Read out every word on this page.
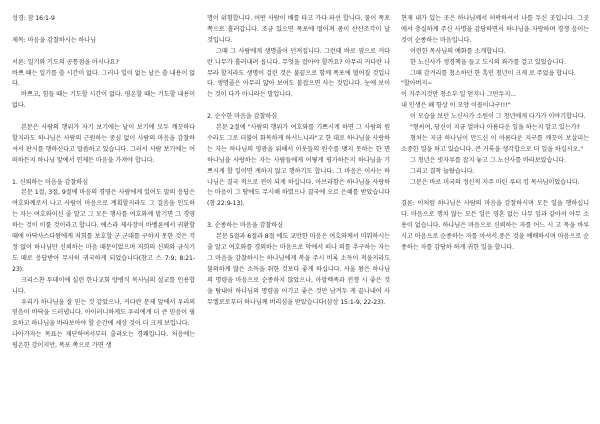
성경: 잠 16:1-9

제목: 마음을 감찰하시는 하나님

서론: 일기와 기도의 공통점을 아시나요?

바쁘 때는 일기를 쓸 시간이 없다. 그러나 일이 없는 날은 쓸 내용이 없다.

바쁘고, 힘들 때는 기도할 시간이 없다. 평온할 때는 기도할 내용이 없다.

본문은 사람의 행위가 자기 보기에는 날이 보기에 모두 깨끗하다 할지라도 하나님은 사람의 근원하는 중심 없이 사람의 마음을 감찰하셔서 판시를 행하신다고 말씀하고 있습니다. 그러서 사람 보기에는 어떠하든지 하나님 앞에서 언제든 마음을 가져야 합니다.

1. 신뢰하는 마음을 감찰하심

본문 1절, 3절, 9절에 마음의 경영은 사람에게 있어도 말의 응답은 여호와께로서 나고 사람이 마음으로 계획할지라도 그 걸음을 인도하는 자는 여호와이신 줄 알고 그 모든 행사를 여호와께 맡기면 그 경영하는 것이 이룰 것이라고 합니다. 에스라 제사장이 바벨론에서 귀환할 때에 아닥사스다왕에게 저희를 보호할 군 군대를 구하지 못한 것은 걱정 없이 하나님만 신뢰하는 마음 때문이었으며 저희의 신뢰와 금식기도 때로 응답받아 무사히 귀국하게 되었습니다(참고 스 7:9; 8:21-23).

크리스챤 투데이에 실린 한나교회 양병식 목사님의 설교를 인용합니다.

우리가 하나님을 잘 믿는 것 같았으나, 커다란 문제 앞에서 우리의 믿음이 바닥을 드러냅니다. 아이러니하게도 우리에게 더 큰 믿음이 필요하고 하나님을 바라보아야 할 순간에 세상 것이 더 크게 보입니다.

나아가자는 목표는 재단하여서부터 출리오는 경쾌입니다. 처음에는 평온한 강이지만, 폭포 쪽으로 가면 생

명이 위험합니다. 어떤 사람이 배를 타고 가다 파선 합니다. 물이 폭포 쪽으로 흘러갑니다. 조금 있으면 폭포에 떨어져 좀이 산산조각이 날 것입니다.

그때 그 사람에게 생명줄이 던져집니다. 그런데 바로 옆으로 커다란 나무가 흘러내려 옵니다. 무엇을 잡아야 할까요? 아무리 커다란 나무라 할지라도 생명이 걸린 것은 불끝으로 함께 폭포에 떨어질 것입니다. 생명줄은 아무리 얇아 보여도 붙잡으면 사는 것입니다. 눈에 보이는 것이 다가 아니라는 말입니다.

2. 순수한 마음을 감찰하심

본문 2절에 "사람의 행위가 여호와를 기쁘시게 하면 그 사람의 원수라도 그로 더불어 화목하게 하시느니라"고 한 대로 하나님을 사랑하는 자는 하나님의 영광을 위해서 이웃들의 원수를 맺지 못하는 한 면 하나님을 사랑하는 자는 사람들에게 어떻게 평가하든지 하나님을 기쁘시게 할 일이면 계하지 않고 행하기도 합니다. 그 마음은 이사는 하나님은 결국 적으로 전이 되게 하십니다. 아브라함은 하나님을 사랑하는 마음이 그 땅에도 무시해 하였으나 결국에 오르 은혜를 받았습니다(창 22:9-13).

3. 순종하는 마음을 감찰하심

본문 5절과 6절과 8절 에도 교만한 마음은 여호와께서 미워하시는 줄 알고 여호와를 경외하는 마음으로 악에서 떠나 의를 추구하는 자는 그 마음을 감찰하시는 하나님에게 복을 주시 비록 소득이 적을지라도 불의하게 많은 소득을 취한 것보다 좋게 하십니다. 사울 왕은 하나님의 명령을 마음으로 순종하지 않았으나, 아말렉족과 전쟁 시 좋은 것을 탐내어 하나님의 명령을 어기고 좋은 것만 남겨두 게 끝나내어 사무엘로로부터 하나님께 버리심을 받았습니다(삼상 15:1-9, 22-23).

현재 내가 있는 곳은 하나님께서 허락하셔서 나를 두신 곳입니다. 그곳에서 충실하게 주신 사명을 감당하면서 하나님을 자랑하며 경쟁 음이는 것이 순종하는 마음입니다.

이런한 목사님의 예화를 소개합니다.

한 노신사가 생경책을 들고 도시의 좌가를 걸고 있었습니다.

그때 감겨리를 청소하던 한 흑인 청년이 크게 로 주었을 합니다.

"할아버지~

이 거주지것만 청소부 일 얻지나 그만두지...

내 인생은 왜 항상 이 모양 이꼴이냐구!!!"

이 모습을 보던 노신사가 소원이 그 청년에게 다가가 이야기합니다.

"형씨여, 당신이 지금 얼마나 아름다운 일을 하는지 알고 있는가?

형처는 지금 하나님이 만드신 이 아름다운 지구를 깨끗이 보살피는 소중한 일을 하고 있습니다. 큰 거룩을 생각합으로 더 일을 하십시오."

그 청년은 빗자루를 잡지 놓고 그 노신사를 바라보았습니다.

그리고 결착 놀랐습니다.

그분은 바로 미국의 정신적 지주 마틴 루터 킹 목사님이었습니다.

결론: 이처럼 하나님은 사람의 마음을 감찰하시며 모든 일을 행하십니다. 마음으로 행치 않는 모든 일은 영혼 없는 나무 잎과 같아서 아무 소용이 없습니다. 하나님은 마음으로 신뢰하는 자를 어느 시 고 목을 바루시고 마음으로 순종하는 자를 아셔서 중은 것을 예배하시며 마음으로 순종하는 자를 감당하 하게 귀한 일을 합니다.
